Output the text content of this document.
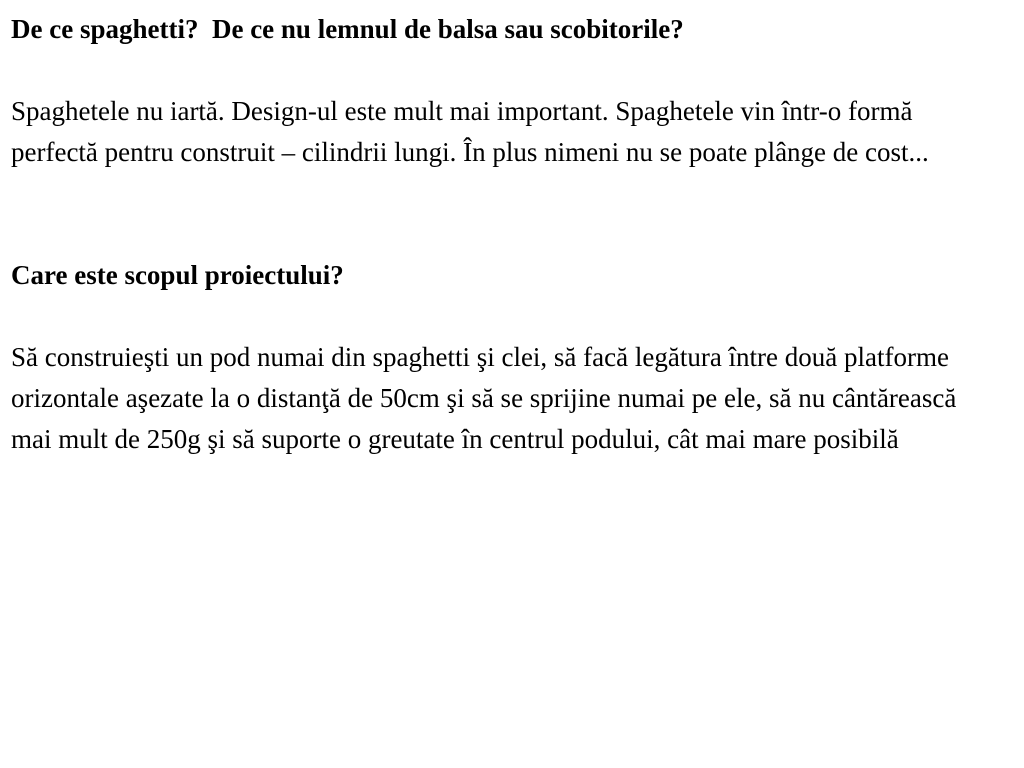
De ce spaghetti?  De ce nu lemnul de balsa sau scobitorile?

Spaghetele nu iartă. Design-ul este mult mai important. Spaghetele vin într-o formă perfectă pentru construit – cilindrii lungi. În plus nimeni nu se poate plânge de cost...

Care este scopul proiectului?

Să construieşti un pod numai din spaghetti şi clei, să facă legătura între două platforme orizontale aşezate la o distanţă de 50cm şi să se sprijine numai pe ele, să nu cântărească mai mult de 250g şi să suporte o greutate în centrul podului, cât mai mare posibilă
